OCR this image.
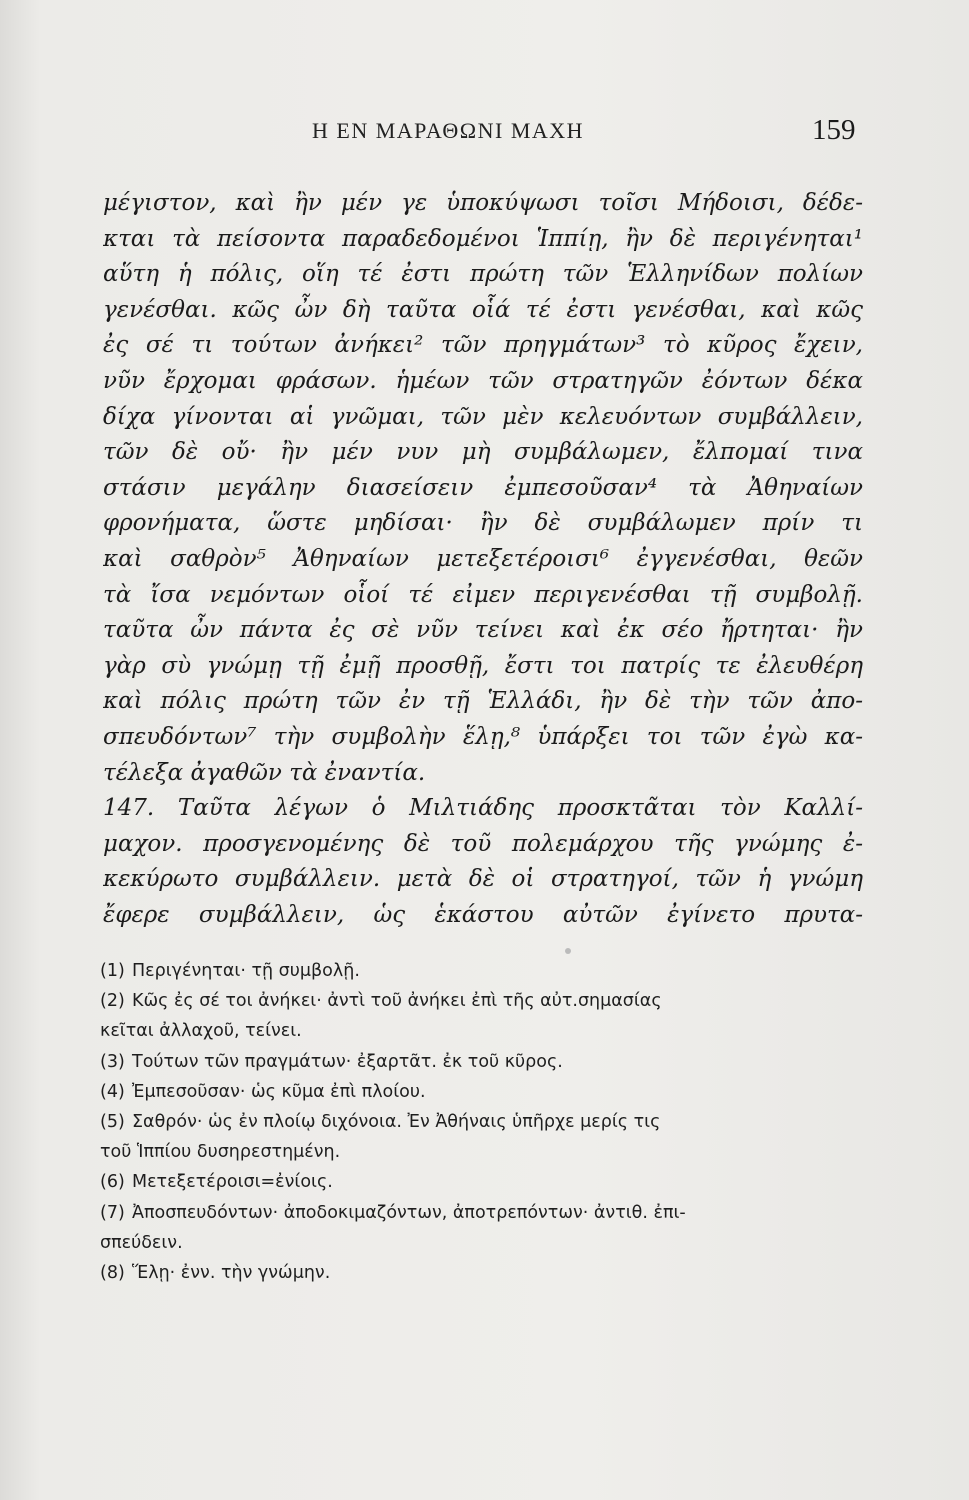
Η ΕΝ ΜΑΡΑΘΩΝΙ ΜΑΧΗ	159
μέγιστον, καὶ ἢν μέν γε ὑποκύψωσι τοῖσι Μήδοισι, δέδε-
κται τὰ πείσοντα παραδεδομένοι Ἱππίῃ, ἢν δὲ περιγένηται¹
αὕτη ἡ πόλις, οἵη τέ ἐστι πρώτη τῶν Ἑλληνίδων πολίων
γενέσθαι. κῶς ὦν δὴ ταῦτα οἷά τέ ἐστι γενέσθαι, καὶ κῶς
ἐς σέ τι τούτων ἀνήκει² τῶν πρηγμάτων³ τὸ κῦρος ἔχειν,
νῦν ἔρχομαι φράσων. ἡμέων τῶν στρατηγῶν ἐόντων δέκα
δίχα γίνονται αἱ γνῶμαι, τῶν μὲν κελευόντων συμβάλλειν,
τῶν δὲ οὔ· ἢν μέν νυν μὴ συμβάλωμεν, ἔλπομαί τινα
στάσιν μεγάλην διασείσειν ἐμπεσοῦσαν⁴ τὰ Ἀθηναίων
φρονήματα, ὥστε μηδίσαι· ἢν δὲ συμβάλωμεν πρίν τι
καὶ σαθρὸν⁵ Ἀθηναίων μετεξετέροισι⁶ ἐγγενέσθαι, θεῶν
τὰ ἴσα νεμόντων οἷοί τέ εἰμεν περιγενέσθαι τῇ συμβολῇ.
ταῦτα ὦν πάντα ἐς σὲ νῦν τείνει καὶ ἐκ σέο ἤρτηται· ἢν
γὰρ σὺ γνώμῃ τῇ ἐμῇ προσθῇ, ἔστι τοι πατρίς τε ἐλευθέρη
καὶ πόλις πρώτη τῶν ἐν τῇ Ἑλλάδι, ἢν δὲ τὴν τῶν ἀπο-
σπευδόντων⁷ τὴν συμβολὴν ἕλῃ,⁸ ὑπάρξει τοι τῶν ἐγὼ κα-
τέλεξα ἀγαθῶν τὰ ἐναντία.
147. Ταῦτα λέγων ὁ Μιλτιάδης προσκτᾶται τὸν Καλλί-
μαχον. προσγενομένης δὲ τοῦ πολεμάρχου τῆς γνώμης ἐ-
κεκύρωτο συμβάλλειν. μετὰ δὲ οἱ στρατηγοί, τῶν ἡ γνώμη
ἔφερε συμβάλλειν, ὡς ἑκάστου αὐτῶν ἐγίνετο πρυτα-
(1) Περιγένηται· τῇ συμβολῇ.
(2) Κῶς ἐς σέ τοι ἀνήκει· ἀντὶ τοῦ ἀνήκει ἐπὶ τῆς αὐτ.σημασίας
κεῖται ἀλλαχοῦ, τείνει.
(3) Τούτων τῶν πραγμάτων· ἐξαρτᾶτ. ἐκ τοῦ κῦρος.
(4) Ἐμπεσοῦσαν· ὡς κῦμα ἐπὶ πλοίου.
(5) Σαθρόν· ὡς ἐν πλοίῳ διχόνοια. Ἐν Ἀθήναις ὑπῆρχε μερίς τις
τοῦ Ἱππίου δυσηρεστημένη.
(6) Μετεξετέροισι=ἐνίοις.
(7) Ἀποσπευδόντων· ἀποδοκιμαζόντων, ἀποτρεπόντων· ἀντιθ. ἐπι-
σπεύδειν.
(8) Ἕλῃ· ἐνν. τὴν γνώμην.
